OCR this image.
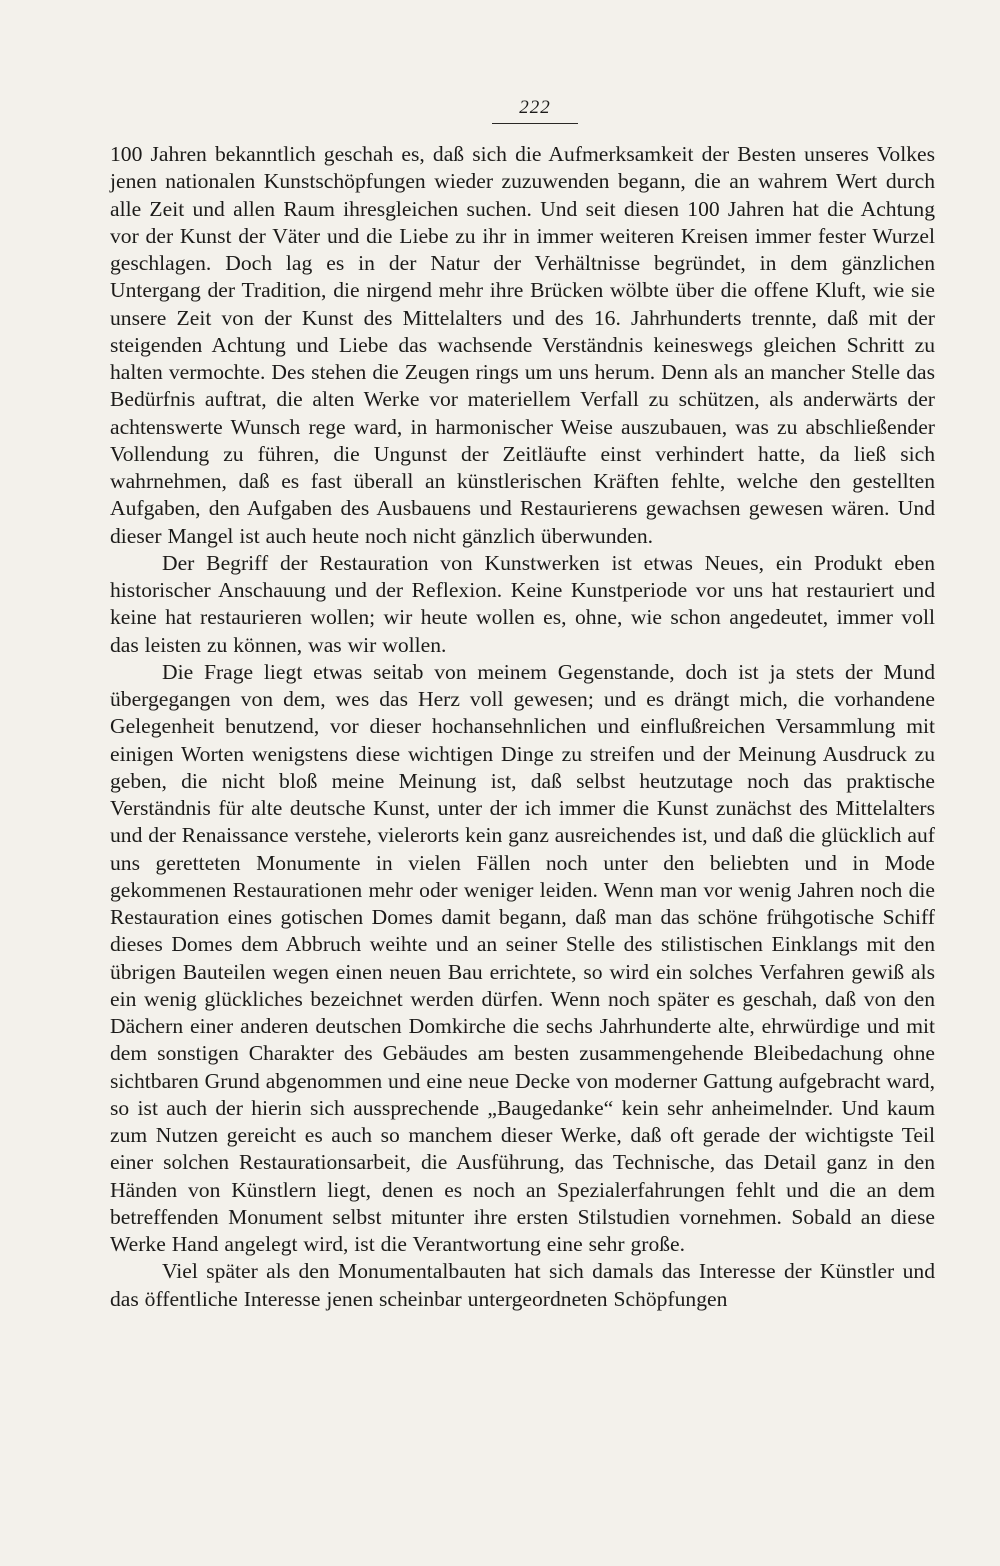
222

100 Jahren bekanntlich geschah es, daß sich die Aufmerksamkeit der Besten unseres Volkes jenen nationalen Kunstschöpfungen wieder zuzuwenden begann, die an wahrem Wert durch alle Zeit und allen Raum ihresgleichen suchen. Und seit diesen 100 Jahren hat die Achtung vor der Kunst der Väter und die Liebe zu ihr in immer weiteren Kreisen immer fester Wurzel geschlagen. Doch lag es in der Natur der Verhältnisse begründet, in dem gänzlichen Untergang der Tradition, die nirgend mehr ihre Brücken wölbte über die offene Kluft, wie sie unsere Zeit von der Kunst des Mittelalters und des 16. Jahrhunderts trennte, daß mit der steigenden Achtung und Liebe das wachsende Verständnis keineswegs gleichen Schritt zu halten vermochte. Des stehen die Zeugen rings um uns herum. Denn als an mancher Stelle das Bedürfnis auftrat, die alten Werke vor materiellem Verfall zu schützen, als anderwärts der achtenswerte Wunsch rege ward, in harmonischer Weise auszubauen, was zu abschließender Vollendung zu führen, die Ungunst der Zeitläufte einst verhindert hatte, da ließ sich wahrnehmen, daß es fast überall an künstlerischen Kräften fehlte, welche den gestellten Aufgaben, den Aufgaben des Ausbauens und Restaurierens gewachsen gewesen wären. Und dieser Mangel ist auch heute noch nicht gänzlich überwunden.

Der Begriff der Restauration von Kunstwerken ist etwas Neues, ein Produkt eben historischer Anschauung und der Reflexion. Keine Kunstperiode vor uns hat restauriert und keine hat restaurieren wollen; wir heute wollen es, ohne, wie schon angedeutet, immer voll das leisten zu können, was wir wollen.

Die Frage liegt etwas seitab von meinem Gegenstande, doch ist ja stets der Mund übergegangen von dem, wes das Herz voll gewesen; und es drängt mich, die vorhandene Gelegenheit benutzend, vor dieser hochansehnlichen und einflußreichen Versammlung mit einigen Worten wenigstens diese wichtigen Dinge zu streifen und der Meinung Ausdruck zu geben, die nicht bloß meine Meinung ist, daß selbst heutzutage noch das praktische Verständnis für alte deutsche Kunst, unter der ich immer die Kunst zunächst des Mittelalters und der Renaissance verstehe, vielerorts kein ganz ausreichendes ist, und daß die glücklich auf uns geretteten Monumente in vielen Fällen noch unter den beliebten und in Mode gekommenen Restaurationen mehr oder weniger leiden. Wenn man vor wenig Jahren noch die Restauration eines gotischen Domes damit begann, daß man das schöne frühgotische Schiff dieses Domes dem Abbruch weihte und an seiner Stelle des stilistischen Einklangs mit den übrigen Bauteilen wegen einen neuen Bau errichtete, so wird ein solches Verfahren gewiß als ein wenig glückliches bezeichnet werden dürfen. Wenn noch später es geschah, daß von den Dächern einer anderen deutschen Domkirche die sechs Jahrhunderte alte, ehrwürdige und mit dem sonstigen Charakter des Gebäudes am besten zusammengehende Bleibedachung ohne sichtbaren Grund abgenommen und eine neue Decke von moderner Gattung aufgebracht ward, so ist auch der hierin sich aussprechende „Baugedanke“ kein sehr anheimelnder. Und kaum zum Nutzen gereicht es auch so manchem dieser Werke, daß oft gerade der wichtigste Teil einer solchen Restaurationsarbeit, die Ausführung, das Technische, das Detail ganz in den Händen von Künstlern liegt, denen es noch an Spezialerfahrungen fehlt und die an dem betreffenden Monument selbst mitunter ihre ersten Stilstudien vornehmen. Sobald an diese Werke Hand angelegt wird, ist die Verantwortung eine sehr große.

Viel später als den Monumentalbauten hat sich damals das Interesse der Künstler und das öffentliche Interesse jenen scheinbar untergeordneten Schöpfungen
